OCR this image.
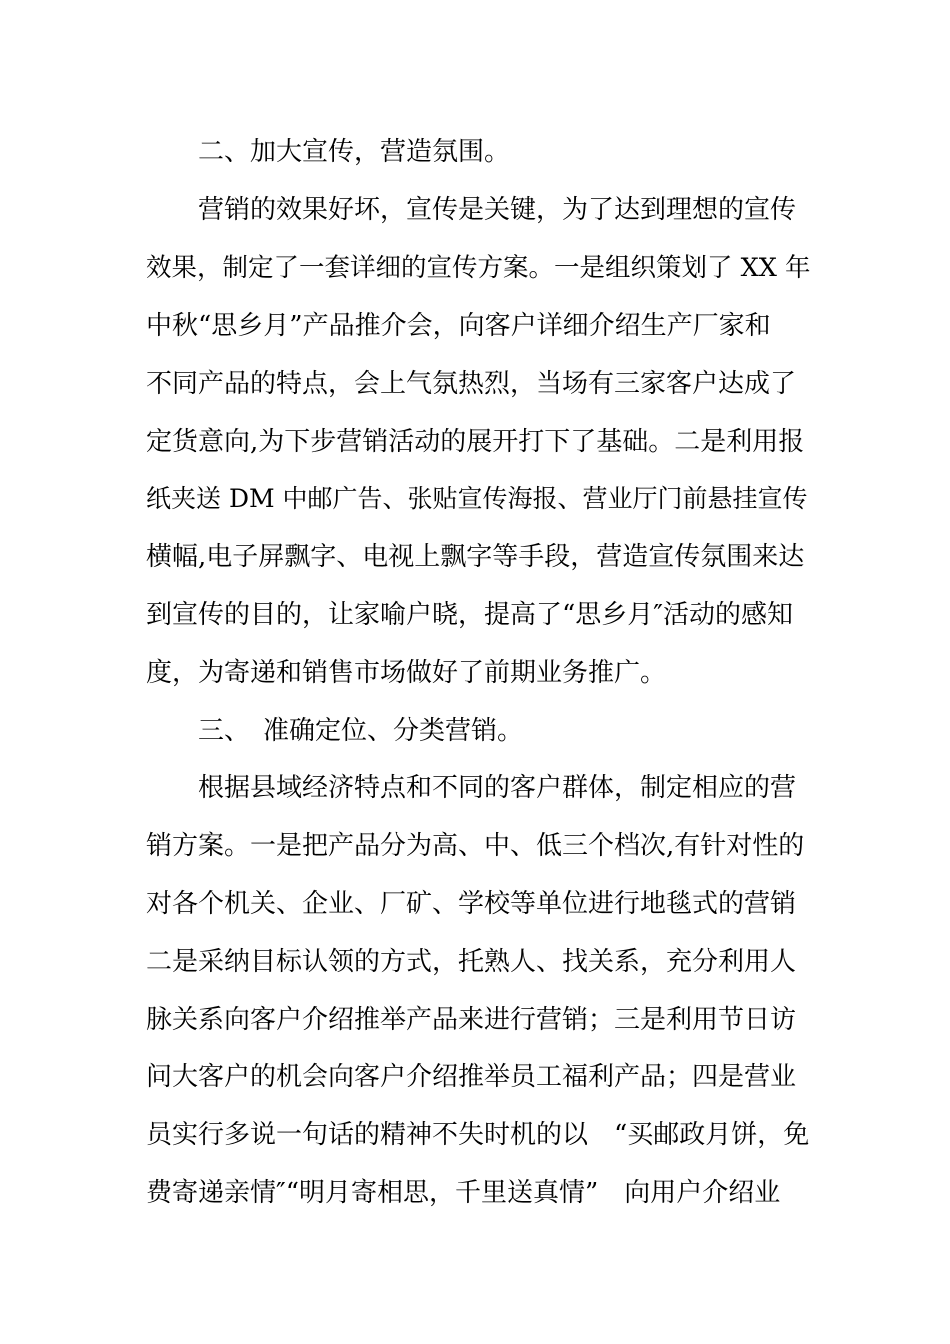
　　二、加大宣传，营造氛围。
　　营销的效果好坏，宣传是关键，为了达到理想的宣传
效果，制定了一套详细的宣传方案。一是组织策划了 XX 年
中秋“思乡月”产品推介会，向客户详细介绍生产厂家和
不同产品的特点，会上气氛热烈，当场有三家客户达成了
定货意向,为下步营销活动的展开打下了基础。二是利用报
纸夹送 DM 中邮广告、张贴宣传海报、营业厅门前悬挂宣传
横幅,电子屏飘字、电视上飘字等手段，营造宣传氛围来达
到宣传的目的，让家喻户晓，提高了“思乡月″活动的感知
度，为寄递和销售市场做好了前期业务推广。
　　三、　准确定位、分类营销。
　　根据县域经济特点和不同的客户群体，制定相应的营
销方案。一是把产品分为高、中、低三个档次,有针对性的
对各个机关、企业、厂矿、学校等单位进行地毯式的营销
二是采纳目标认领的方式，托熟人、找关系，充分利用人
脉关系向客户介绍推举产品来进行营销；三是利用节日访
问大客户的机会向客户介绍推举员工福利产品；四是营业
员实行多说一句话的精神不失时机的以　“买邮政月饼，免
费寄递亲情″“明月寄相思，千里送真情”　向用户介绍业
